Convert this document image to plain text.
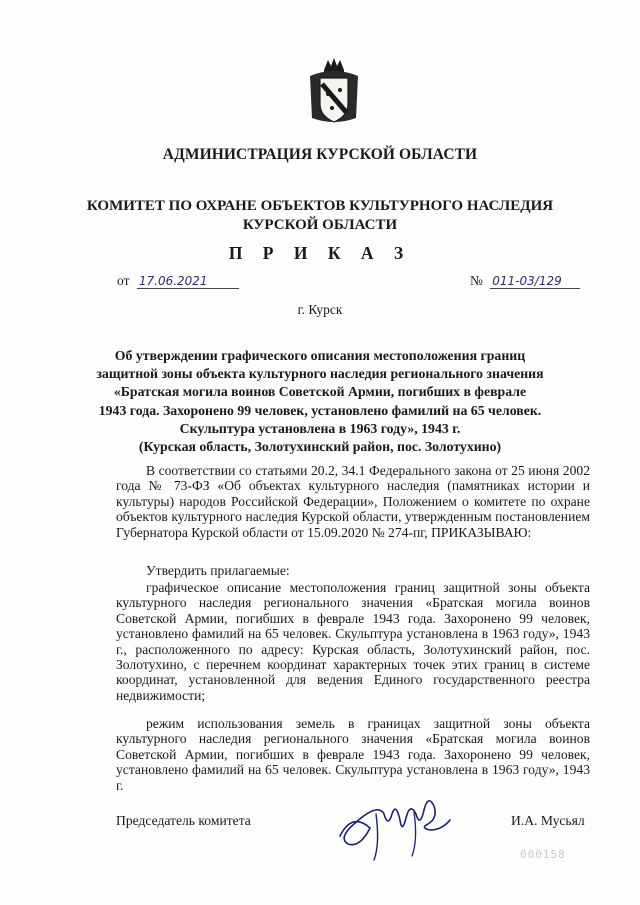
АДМИНИСТРАЦИЯ КУРСКОЙ ОБЛАСТИ
КОМИТЕТ ПО ОХРАНЕ ОБЪЕКТОВ КУЛЬТУРНОГО НАСЛЕДИЯ
КУРСКОЙ ОБЛАСТИ
П Р И К А З
от 17.06.2021	№ 011-03/129
г. Курск
Об утверждении графического описания местоположения границ
защитной зоны объекта культурного наследия регионального значения
«Братская могила воинов Советской Армии, погибших в феврале
1943 года. Захоронено 99 человек, установлено фамилий на 65 человек.
Скульптура установлена в 1963 году», 1943 г.
(Курская область, Золотухинский район, пос. Золотухино)
В соответствии со статьями 20.2, 34.1 Федерального закона от 25 июня 2002 года № 73-ФЗ «Об объектах культурного наследия (памятниках истории и культуры) народов Российской Федерации», Положением о комитете по охране объектов культурного наследия Курской области, утвержденным постановлением Губернатора Курской области от 15.09.2020 № 274-пг, ПРИКАЗЫВАЮ:
Утвердить прилагаемые:
графическое описание местоположения границ защитной зоны объекта культурного наследия регионального значения «Братская могила воинов Советской Армии, погибших в феврале 1943 года. Захоронено 99 человек, установлено фамилий на 65 человек. Скульптура установлена в 1963 году», 1943 г., расположенного по адресу: Курская область, Золотухинский район, пос. Золотухино, с перечнем координат характерных точек этих границ в системе координат, установленной для ведения Единого государственного реестра недвижимости;
режим использования земель в границах защитной зоны объекта культурного наследия регионального значения «Братская могила воинов Советской Армии, погибших в феврале 1943 года. Захоронено 99 человек, установлено фамилий на 65 человек. Скульптура установлена в 1963 году», 1943 г.
Председатель комитета	И.А. Мусьял
000158
